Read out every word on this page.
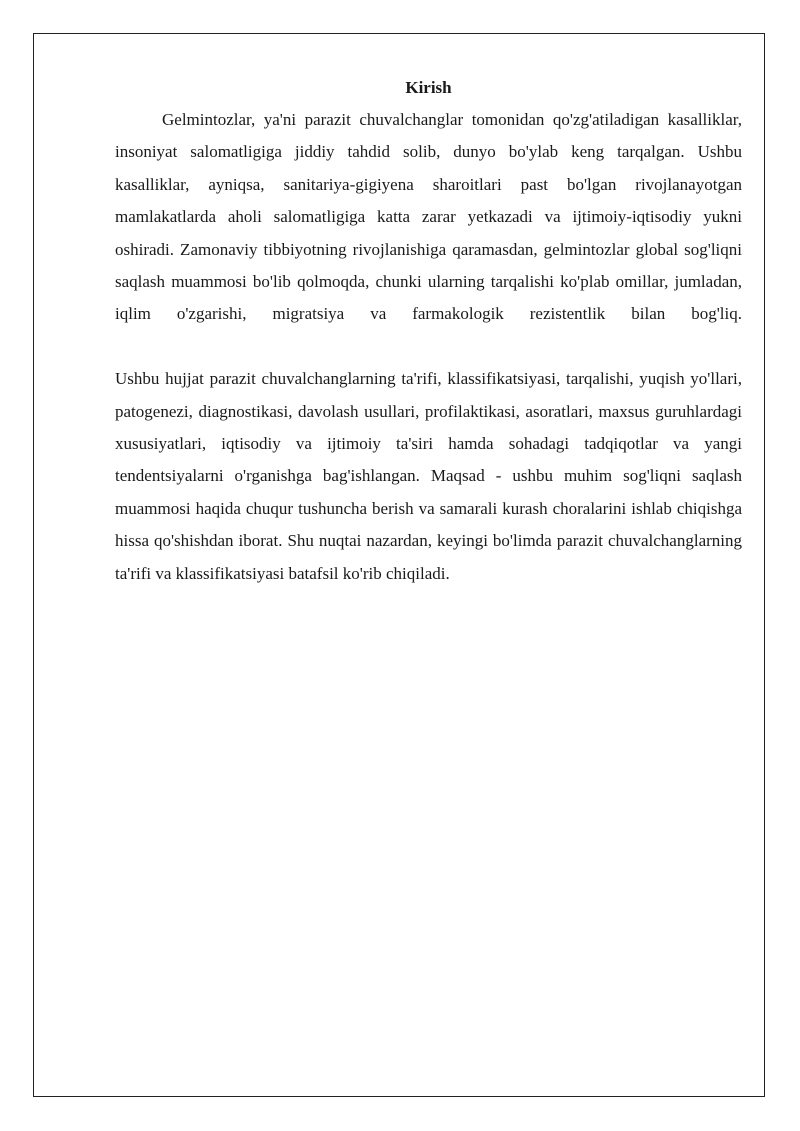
Kirish

Gelmintozlar, ya'ni parazit chuvalchanglar tomonidan qo'zg'atiladigan kasalliklar, insoniyat salomatligiga jiddiy tahdid solib, dunyo bo'ylab keng tarqalgan. Ushbu kasalliklar, ayniqsa, sanitariya-gigiyena sharoitlari past bo'lgan rivojlanayotgan mamlakatlarda aholi salomatligiga katta zarar yetkazadi va ijtimoiy-iqtisodiy yukni oshiradi. Zamonaviy tibbiyotning rivojlanishiga qaramasdan, gelmintozlar global sog'liqni saqlash muammosi bo'lib qolmoqda, chunki ularning tarqalishi ko'plab omillar, jumladan, iqlim o'zgarishi, migratsiya va farmakologik rezistentlik bilan bog'liq.

Ushbu hujjat parazit chuvalchanglarning ta'rifi, klassifikatsiyasi, tarqalishi, yuqish yo'llari, patogenezi, diagnostikasi, davolash usullari, profilaktikasi, asoratlari, maxsus guruhlardagi xususiyatlari, iqtisodiy va ijtimoiy ta'siri hamda sohadagi tadqiqotlar va yangi tendentsiyalarni o'rganishga bag'ishlangan. Maqsad - ushbu muhim sog'liqni saqlash muammosi haqida chuqur tushuncha berish va samarali kurash choralarini ishlab chiqishga hissa qo'shishdan iborat. Shu nuqtai nazardan, keyingi bo'limda parazit chuvalchanglarning ta'rifi va klassifikatsiyasi batafsil ko'rib chiqiladi.
